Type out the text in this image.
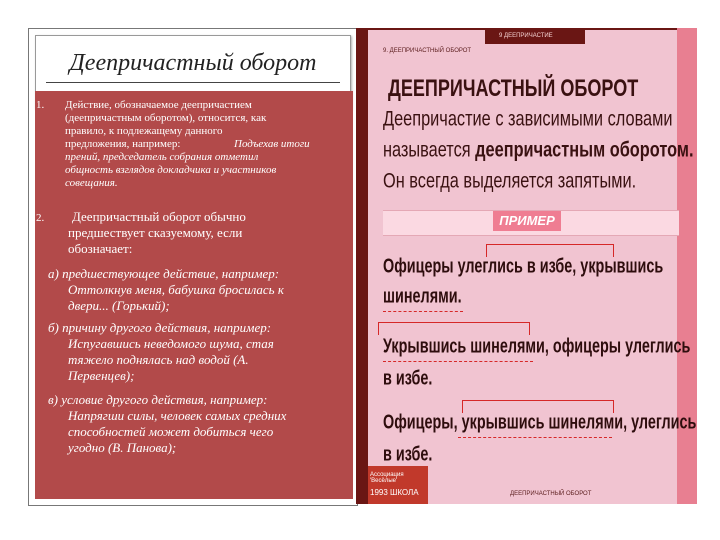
Деепричастный оборот
1. Действие, обозначаемое деепричастием
(деепричастным оборотом), относится, как
правило, к подлежащему данного
предложения, например:	Подъехав итоги
прений, председатель собрания отметил
общность взглядов докладчика и участников
совещания.
2. Деепричастный оборот обычно
предшествует сказуемому, если
обозначает:
а) предшествующее действие, например:
Оттолкнув меня, бабушка бросилась к
двери... (Горький);
б) причину другого действия, например:
Испугавшись неведомого шума, стая
тяжело поднялась над водой (А.
Первенцев);
в) условие другого действия, например:
Напрягши силы, человек самых средних
способностей может добиться чего
угодно (В. Панова);
9 ДЕЕПРИЧАСТИЕ
9. ДЕЕПРИЧАСТНЫЙ ОБОРОТ
ДЕЕПРИЧАСТНЫЙ ОБОРОТ
Деепричастие с зависимыми словами
называется деепричастным оборотом.
Он всегда выделяется запятыми.
ПРИМЕР
Офицеры улеглись в избе, укрывшись
шинелями.
Укрывшись шинелями, офицеры улеглись
в избе.
Офицеры, укрывшись шинелями, улеглись
в избе.
Ассоциация 'Весёлые'
1993 ШКОЛА	ДЕЕПРИЧАСТНЫЙ ОБОРОТ
